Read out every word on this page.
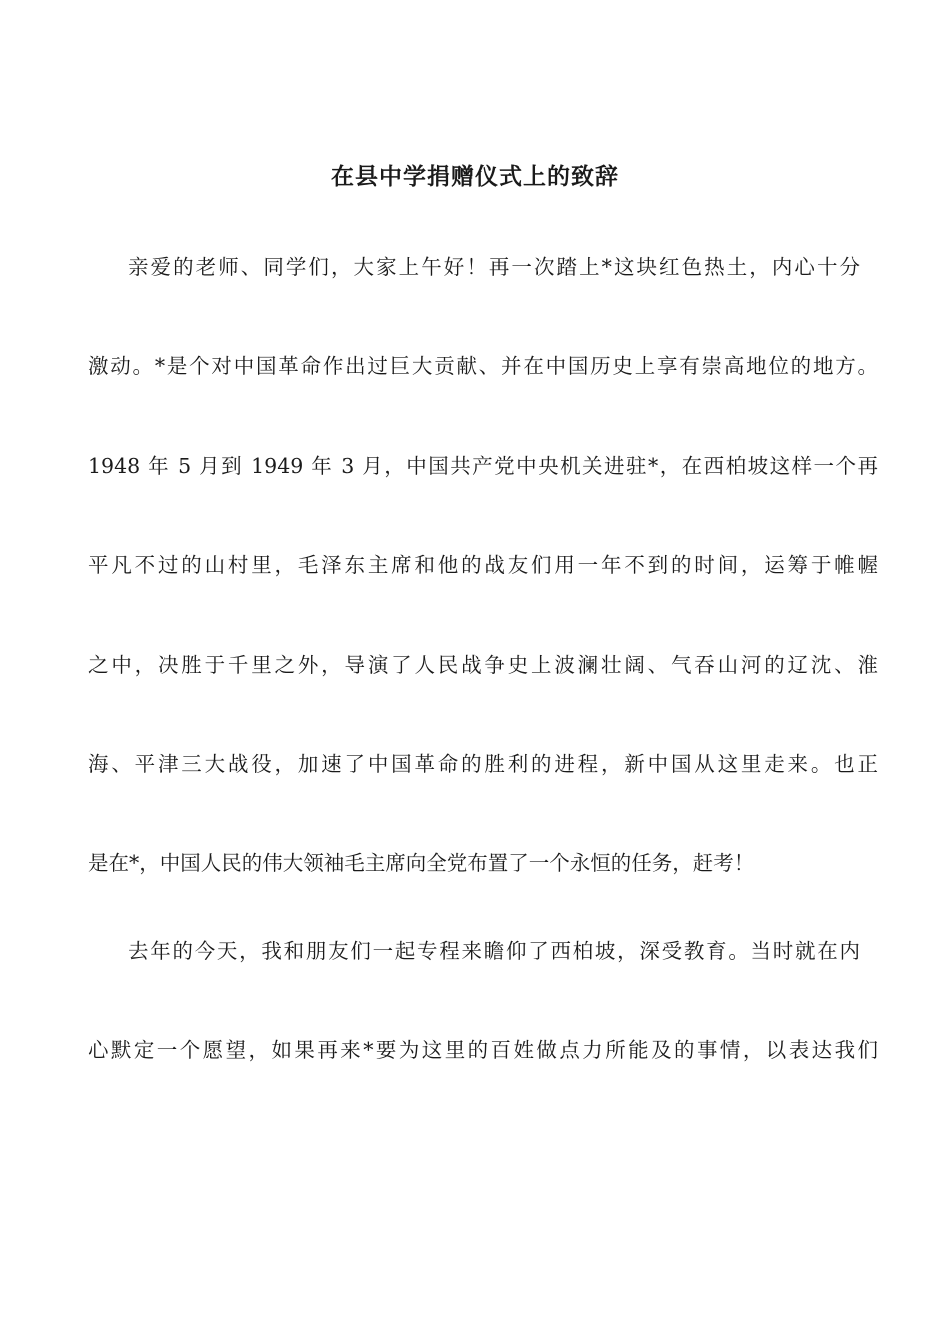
在县中学捐赠仪式上的致辞

亲爱的老师、同学们，大家上午好！再一次踏上*这块红色热土，内心十分

激动。*是个对中国革命作出过巨大贡献、并在中国历史上享有崇高地位的地方。

1948 年 5 月到 1949 年 3 月，中国共产党中央机关进驻*，在西柏坡这样一个再

平凡不过的山村里，毛泽东主席和他的战友们用一年不到的时间，运筹于帷幄

之中，决胜于千里之外，导演了人民战争史上波澜壮阔、气吞山河的辽沈、淮

海、平津三大战役，加速了中国革命的胜利的进程，新中国从这里走来。也正

是在*，中国人民的伟大领袖毛主席向全党布置了一个永恒的任务，赶考！

去年的今天，我和朋友们一起专程来瞻仰了西柏坡，深受教育。当时就在内

心默定一个愿望，如果再来*要为这里的百姓做点力所能及的事情，以表达我们
